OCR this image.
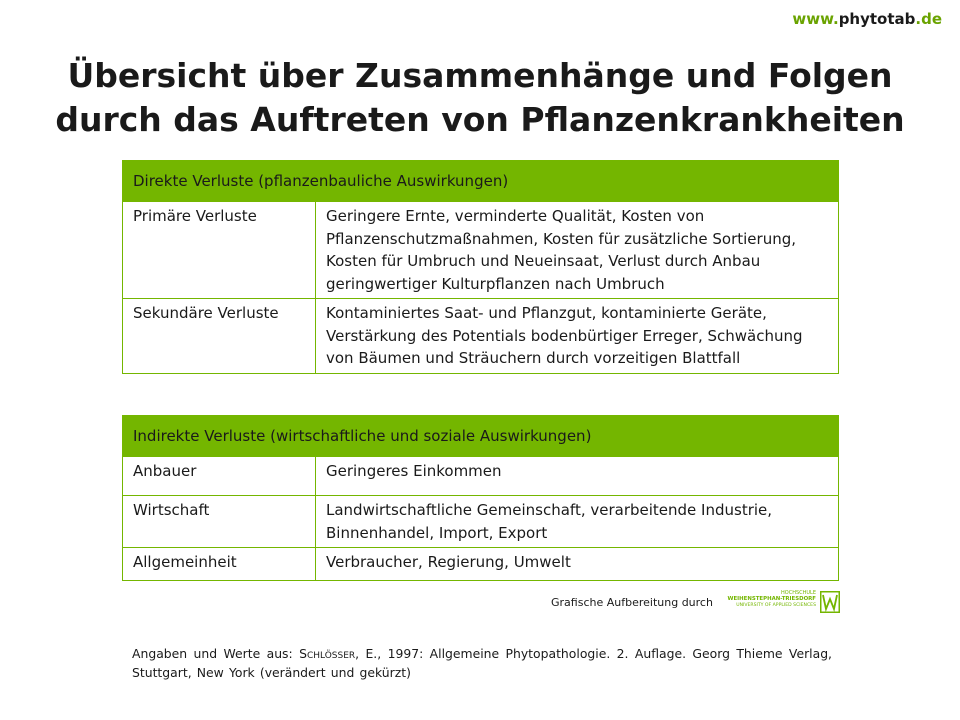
www.phytotab.de
Übersicht über Zusammenhänge und Folgen
durch das Auftreten von Pflanzenkrankheiten
Direkte Verluste (pflanzenbauliche Auswirkungen)	
Primäre Verluste	Geringere Ernte, verminderte Qualität, Kosten von
Pflanzenschutzmaßnahmen, Kosten für zusätzliche Sortierung,
Kosten für Umbruch und Neueinsaat, Verlust durch Anbau
geringwertiger Kulturpflanzen nach Umbruch

Sekundäre Verluste	Kontaminiertes Saat- und Pflanzgut, kontaminierte Geräte,
Verstärkung des Potentials bodenbürtiger Erreger, Schwächung
von Bäumen und Sträuchern durch vorzeitigen Blattfall
Indirekte Verluste (wirtschaftliche und soziale Auswirkungen)	
Anbauer	Geringeres Einkommen

Wirtschaft	Landwirtschaftliche Gemeinschaft, verarbeitende Industrie,
Binnenhandel, Import, Export

Allgemeinheit	Verbraucher, Regierung, Umwelt
Grafische Aufbereitung durch
HOCHSCHULE
WEIHENSTEPHAN-TRIESDORF
UNIVERSITY OF APPLIED SCIENCES
Angaben und Werte aus: Schlösser, E., 1997: Allgemeine Phytopathologie. 2. Auflage. Georg Thieme Verlag, Stuttgart, New York (verändert und gekürzt)
